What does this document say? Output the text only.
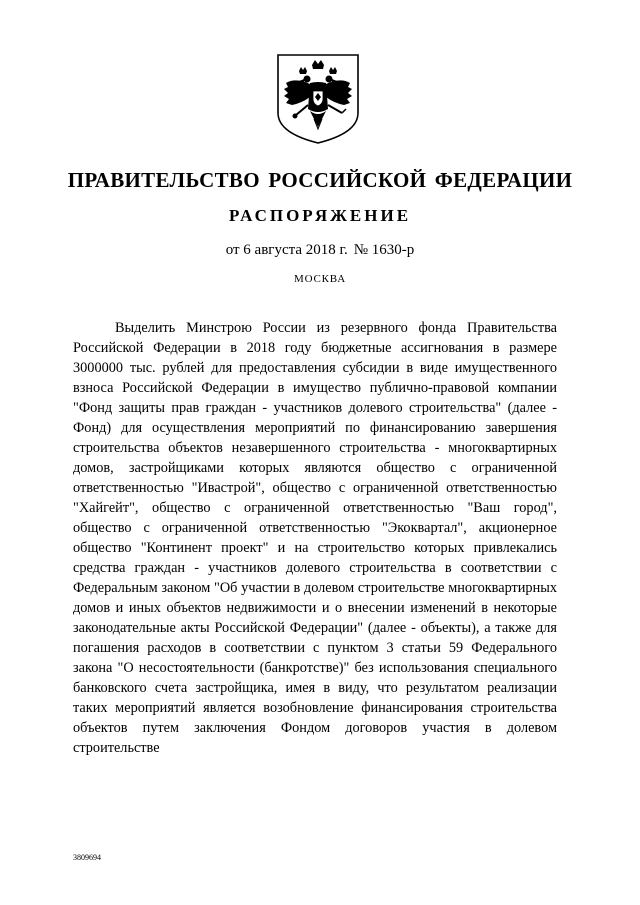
ПРАВИТЕЛЬСТВО РОССИЙСКОЙ ФЕДЕРАЦИИ
РАСПОРЯЖЕНИЕ

от 6 августа 2018 г. № 1630-р

МОСКВА

Выделить Минстрою России из резервного фонда Правительства Российской Федерации в 2018 году бюджетные ассигнования в размере 3000000 тыс. рублей для предоставления субсидии в виде имущественного взноса Российской Федерации в имущество публично-правовой компании "Фонд защиты прав граждан - участников долевого строительства" (далее - Фонд) для осуществления мероприятий по финансированию завершения строительства объектов незавершенного строительства - многоквартирных домов, застройщиками которых являются общество с ограниченной ответственностью "Ивастрой", общество с ограниченной ответственностью "Хайгейт", общество с ограниченной ответственностью "Ваш город", общество с ограниченной ответственностью "Экоквартал", акционерное общество "Континент проект" и на строительство которых привлекались средства граждан - участников долевого строительства в соответствии с Федеральным законом "Об участии в долевом строительстве многоквартирных домов и иных объектов недвижимости и о внесении изменений в некоторые законодательные акты Российской Федерации" (далее - объекты), а также для погашения расходов в соответствии с пунктом 3 статьи 59 Федерального закона "О несостоятельности (банкротстве)" без использования специального банковского счета застройщика, имея в виду, что результатом реализации таких мероприятий является возобновление финансирования строительства объектов путем заключения Фондом договоров участия в долевом строительстве

3809694
